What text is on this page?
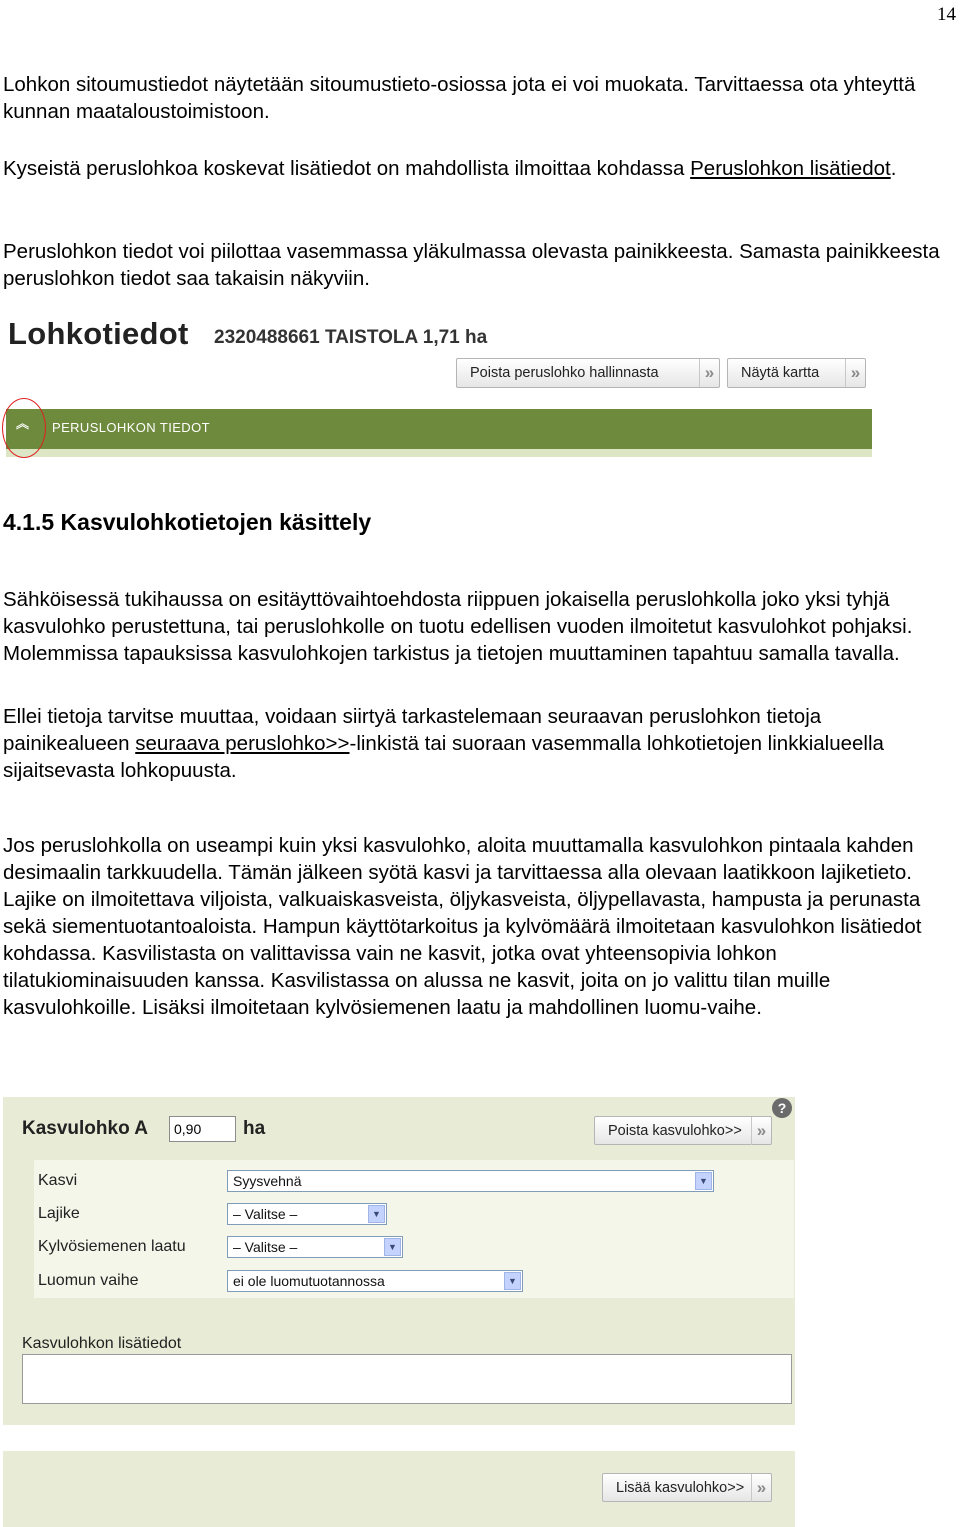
14

Lohkon sitoumustiedot näytetään sitoumustieto-osiossa jota ei voi muokata. Tarvittaessa ota yhteyttä kunnan maataloustoimistoon.

Kyseistä peruslohkoa koskevat lisätiedot on mahdollista ilmoittaa kohdassa Peruslohkon lisätiedot.

Peruslohkon tiedot voi piilottaa vasemmassa yläkulmassa olevasta painikkeesta. Samasta painikkeesta peruslohkon tiedot saa takaisin näkyviin.

Lohkotiedot 2320488661 TAISTOLA 1,71 ha
Poista peruslohko hallinnasta	»	Näytä kartta	»
︽ PERUSLOHKON TIEDOT
4.1.5 Kasvulohkotietojen käsittely

Sähköisessä tukihaussa on esitäyttövaihtoehdosta riippuen jokaisella peruslohkolla joko yksi tyhjä kasvulohko perustettuna, tai peruslohkolle on tuotu edellisen vuoden ilmoitetut kasvulohkot pohjaksi. Molemmissa tapauksissa kasvulohkojen tarkistus ja tietojen muuttaminen tapahtuu samalla tavalla.

Ellei tietoja tarvitse muuttaa, voidaan siirtyä tarkastelemaan seuraavan peruslohkon tietoja painikealueen seuraava peruslohko>>-linkistä tai suoraan vasemmalla lohkotietojen linkkialueella sijaitsevasta lohkopuusta.

Jos peruslohkolla on useampi kuin yksi kasvulohko, aloita muuttamalla kasvulohkon pintaala kahden desimaalin tarkkuudella. Tämän jälkeen syötä kasvi ja tarvittaessa alla olevaan laatikkoon lajiketieto. Lajike on ilmoitettava viljoista, valkuaiskasveista, öljykasveista, öljypellavasta, hampusta ja perunasta sekä siementuotantoaloista. Hampun käyttötarkoitus ja kylvömäärä ilmoitetaan kasvulohkon lisätiedot kohdassa. Kasvilistasta on valittavissa vain ne kasvit, jotka ovat yhteensopivia lohkon tilatukiominaisuuden kanssa. Kasvilistassa on alussa ne kasvit, joita on jo valittu tilan muille kasvulohkoille. Lisäksi ilmoitetaan kylvösiemenen laatu ja mahdollinen luomu-vaihe.

?
Kasvulohko A
0,90	ha	Poista kasvulohko>> »
Kasvi	Syysvehnä	▼
Lajike	– Valitse –	▼
Kylvösiemenen laatu	– Valitse –	▼
Luomun vaihe	ei ole luomutuotannossa	▼
Kasvulohkon lisätiedot
Lisää kasvulohko>> »
